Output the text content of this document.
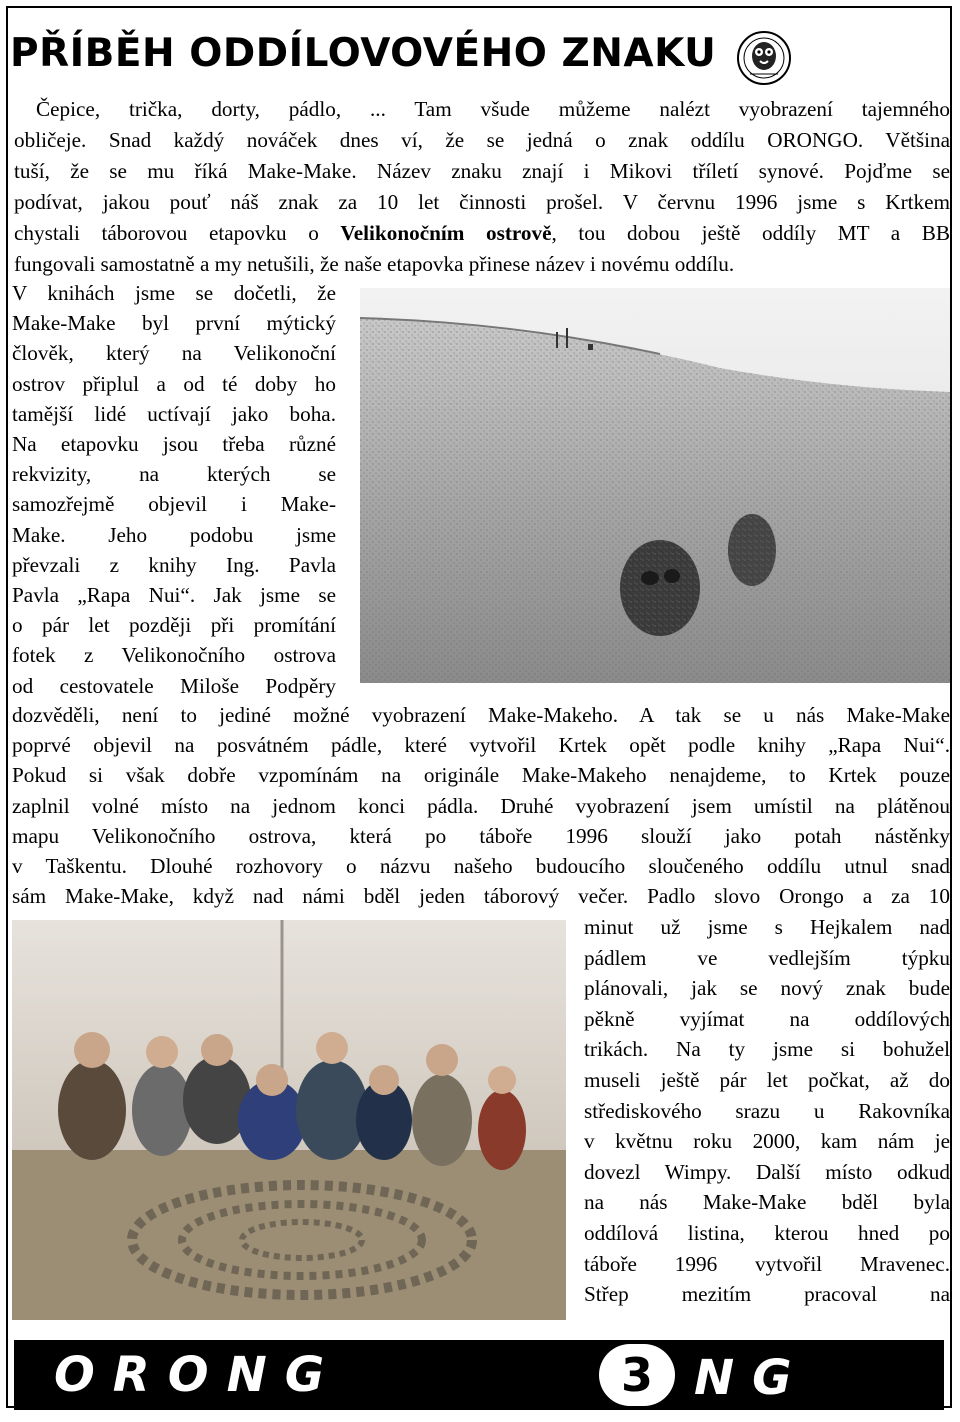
PŘÍBĚH ODDÍLOVOVÉHO ZNAKU
Čepice, trička, dorty, pádlo, ... Tam všude můžeme nalézt vyobrazení tajemného
obličeje. Snad každý nováček dnes ví, že se jedná o znak oddílu ORONGO. Většina
tuší, že se mu říká Make-Make. Název znaku znají i Mikovi tříletí synové. Pojďme se
podívat, jakou pouť náš znak za 10 let činnosti prošel. V červnu 1996 jsme s Krtkem
chystali táborovou etapovku o Velikonočním ostrově, tou dobou ještě oddíly MT a BB
fungovali samostatně a my netušili, že naše etapovka přinese název i novému oddílu.
V knihách jsme se dočetli, že
Make-Make byl první mýtický
člověk, který na Velikonoční
ostrov připlul a od té doby ho
tamější lidé uctívají jako boha.
Na etapovku jsou třeba různé
rekvizity, na kterých se
samozřejmě objevil i Make-
Make. Jeho podobu jsme
převzali z knihy Ing. Pavla
Pavla „Rapa Nui“. Jak jsme se
o pár let později při promítání
fotek z Velikonočního ostrova
od cestovatele Miloše Podpěry
dozvěděli, není to jediné možné vyobrazení Make-Makeho. A tak se u nás Make-Make
poprvé objevil na posvátném pádle, které vytvořil Krtek opět podle knihy „Rapa Nui“.
Pokud si však dobře vzpomínám na originále Make-Makeho nenajdeme, to Krtek pouze
zaplnil volné místo na jednom konci pádla. Druhé vyobrazení jsem umístil na plátěnou
mapu Velikonočního ostrova, která po táboře 1996 slouží jako potah nástěnky
v Taškentu. Dlouhé rozhovory o názvu našeho budoucího sloučeného oddílu utnul snad
sám Make-Make, když nad námi bděl jeden táborový večer. Padlo slovo Orongo a za 10
minut už jsme s Hejkalem nad
pádlem ve vedlejším týpku
plánovali, jak se nový znak bude
pěkně vyjímat na oddílových
trikách. Na ty jsme si bohužel
museli ještě pár let počkat, až do
střediskového srazu u Rakovníka
v květnu roku 2000, kam nám je
dovezl Wimpy. Další místo odkud
na nás Make-Make bděl byla
oddílová listina, kterou hned po
táboře 1996 vytvořil Mravenec.
Střep mezitím pracoval na
ORONG	3 NG
